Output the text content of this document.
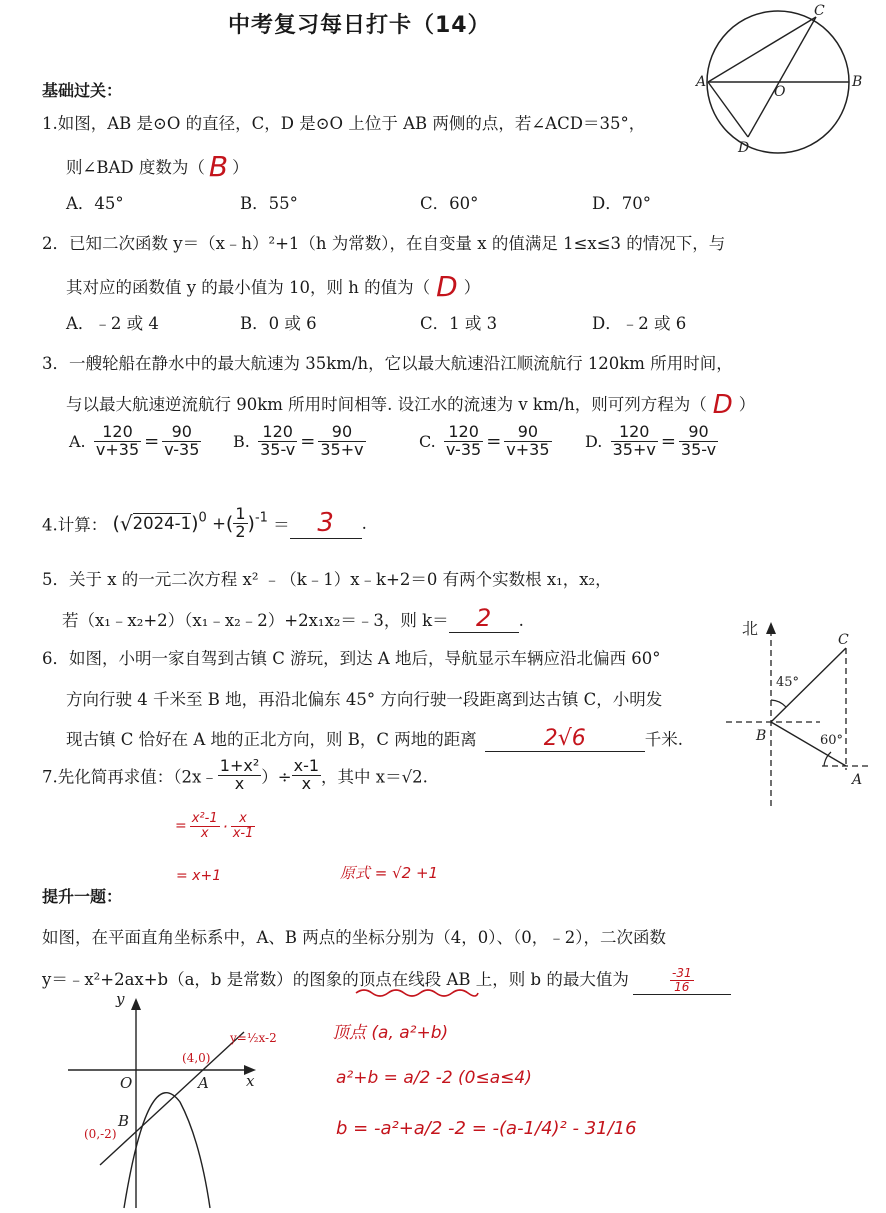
中考复习每日打卡（14）
A	B
C
D
O
基础过关：
1.如图，AB 是⊙O 的直径，C，D 是⊙O 上位于 AB 两侧的点，若∠ACD＝35°，
则∠BAD 度数为（ B ）
A．45°	B．55°	C．60°	D．70°
2．已知二次函数 y＝（x﹣h）²+1（h 为常数），在自变量 x 的值满足 1≤x≤3 的情况下，与
其对应的函数值 y 的最小值为 10，则 h 的值为（ D ）
A．﹣2 或 4	B．0 或 6	C．1 或 3	D．﹣2 或 6
3．一艘轮船在静水中的最大航速为 35km/h，它以最大航速沿江顺流航行 120km 所用时间，
与以最大航速逆流航行 90km 所用时间相等. 设江水的流速为 v km/h，则可列方程为（ D ）
A. $\frac{120}{v+35} = \frac{90}{v-35} B$. $\frac{120}{35-v} = \frac{90}{35+v}$	C. $\frac{120}{v-35} = \frac{90}{v+35} D$. $\frac{120}{35+v} = \frac{90}{35-v}$
4.计算： $(√2024-1)^0$ +( $\frac{1}{2} )^{-1} = 3$ .
5．关于 x 的一元二次方程 x² ﹣（k﹣1）x﹣k+2＝0 有两个实数根 x₁，x₂，
若（x₁﹣x₂+2）（x₁﹣x₂﹣2）+2x₁x₂＝﹣3，则 k＝ 2 .	北
45°
60°
B
C
A
6．如图，小明一家自驾到古镇 C 游玩，到达 A 地后，导航显示车辆应沿北偏西 60°
方向行驶 4 千米至 B 地，再沿北偏东 45° 方向行驶一段距离到达古镇 C，小明发
现古镇 C 恰好在 A 地的正北方向，则 B，C 两地的距离	2√6	千米.
7.先化简再求值：（2x﹣ $\frac{\text{1+x²}}{x}$ ）÷ $\frac{x-1}{x}$ ，其中 x＝√2.
= $\frac{\text{x²-1}}{x} \cdot \frac{x}{x-1}$
= x+1	原式 = √2 +1
提升一题：
如图，在平面直角坐标系中，A、B 两点的坐标分别为（4，0）、（0，﹣2），二次函数
y＝﹣x²+2ax+b（a，b 是常数）的图象的顶点在线段 AB 上，则 b 的最大值为	$\frac{-31}{16}$
y
x
O	A
B
y=½x-2
(4,0)
(0,-2)
顶点 (a, a²+b)
a²+b = a/2 -2 (0≤a≤4)
b = -a²+a/2 -2 = -(a-1/4)² - 31/16
